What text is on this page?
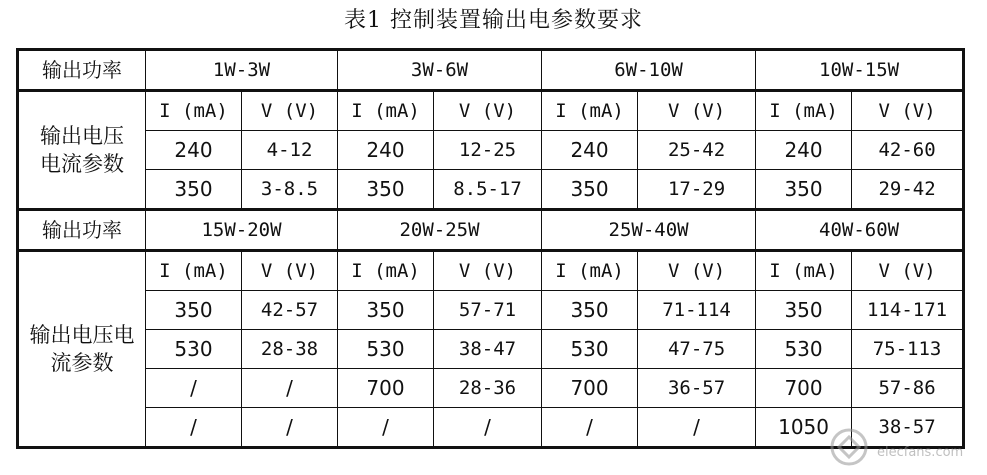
表1 控制装置输出电参数要求
输出功率	1W-3W		3W-6W		6W-10W		10W-15W	
输出电压电流参数	I (mA)	V (V)	I (mA)	V (V)	I (mA)	V (V)	I (mA)	V (V)
	240	4-12	240	12-25	240	25-42	240	42-60
	350	3-8.5	350	8.5-17	350	17-29	350	29-42
输出功率	15W-20W		20W-25W		25W-40W		40W-60W	
输出电压电流参数	I (mA)	V (V)	I (mA)	V (V)	I (mA)	V (V)	I (mA)	V (V)
	350	42-57	350	57-71	350	71-114	350	114-171
	530	28-38	530	38-47	530	47-75	530	75-113
	/	/	700	28-36	700	36-57	700	57-86
	/	/	/	/	/	/	1050	38-57
elecfans.com
